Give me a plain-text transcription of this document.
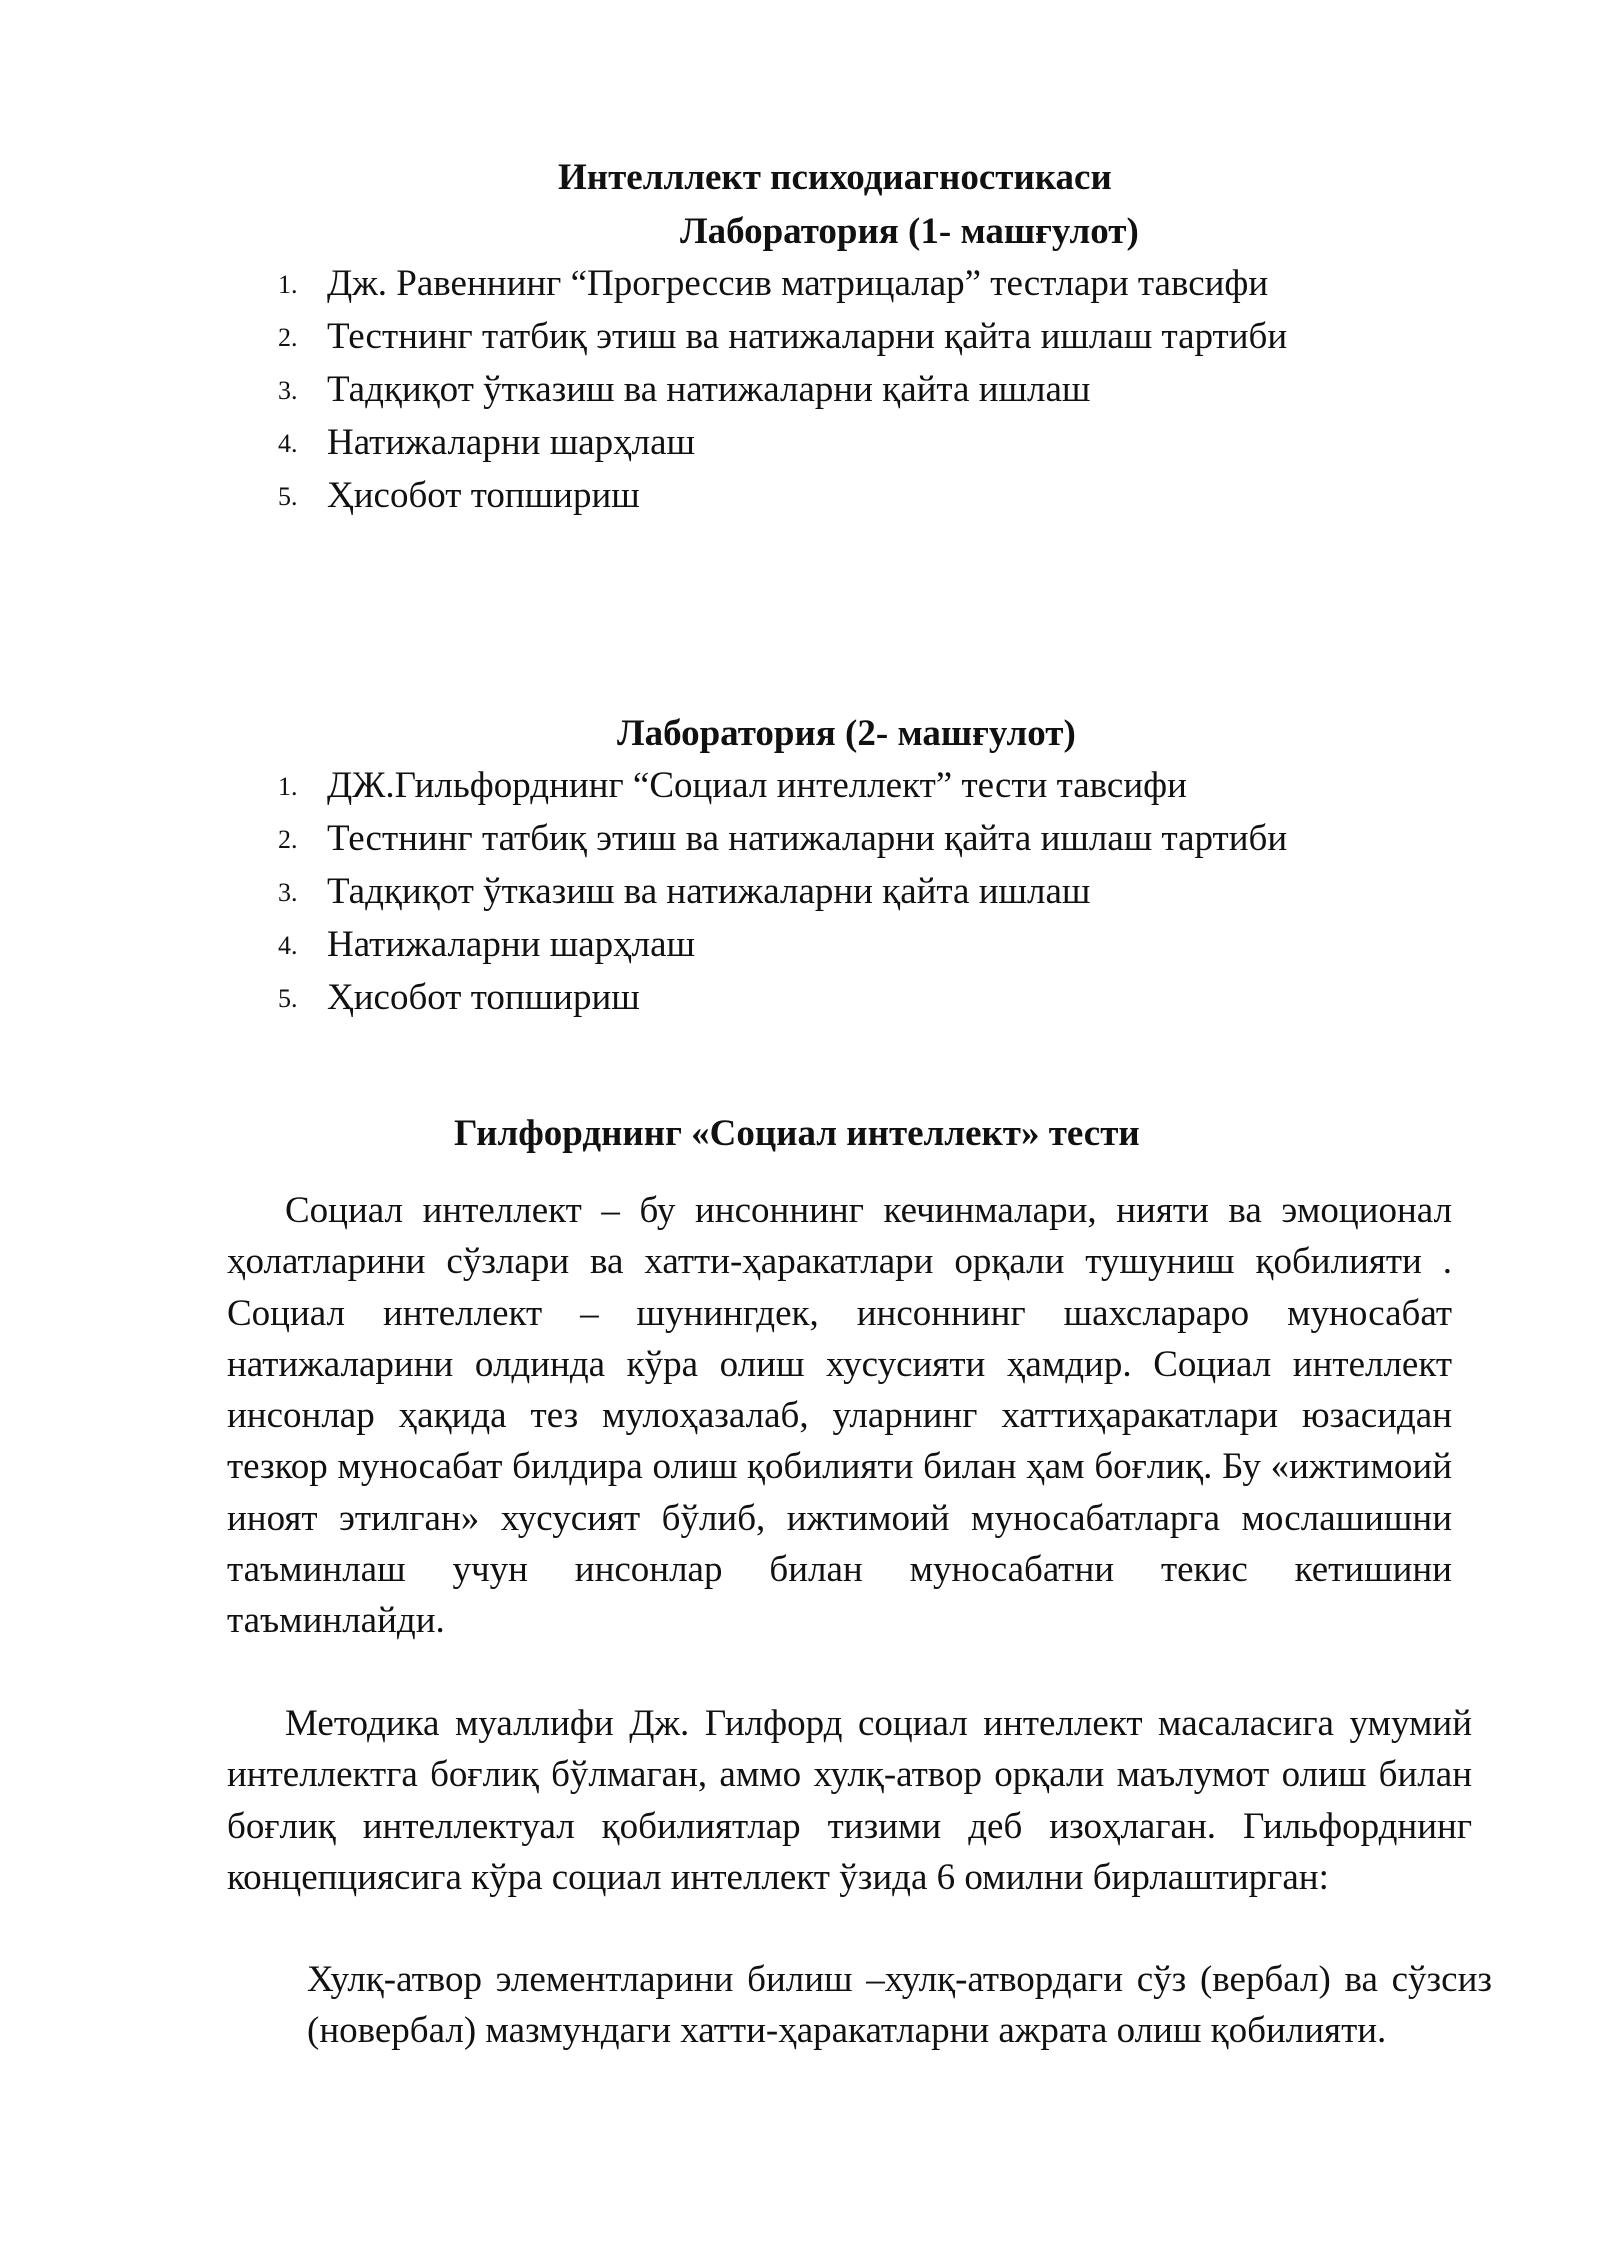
Интелллект психодиагностикаси
Лаборатория (1- машғулот)
1. Дж. Равеннинг “Прогрессив матрицалар” тестлари тавсифи
2. Тестнинг татбиқ этиш ва натижаларни қайта ишлаш тартиби
3. Тадқиқот ўтказиш ва натижаларни қайта ишлаш
4. Натижаларни шарҳлаш
5. Ҳисобот топшириш
Лаборатория (2- машғулот)
1. ДЖ.Гильфорднинг “Социал интеллект” тести тавсифи
2. Тестнинг татбиқ этиш ва натижаларни қайта ишлаш тартиби
3. Тадқиқот ўтказиш ва натижаларни қайта ишлаш
4. Натижаларни шарҳлаш
5. Ҳисобот топшириш
Гилфорднинг «Социал интеллект» тести

Социал интеллект – бу инсоннинг кечинмалари, нияти ва эмоционал ҳолатларини сўзлари ва хатти-ҳаракатлари орқали тушуниш қобилияти . Социал интеллект – шунингдек, инсоннинг шахслараро муносабат натижаларини олдинда кўра олиш хусусияти ҳамдир. Социал интеллект инсонлар ҳақида тез мулоҳазалаб, уларнинг хаттиҳаракатлари юзасидан тезкор муносабат билдира олиш қобилияти билан ҳам боғлиқ. Бу «ижтимоий иноят этилган» хусусият бўлиб, ижтимоий муносабатларга мослашишни таъминлаш учун инсонлар билан муносабатни текис кетишини таъминлайди.

Методика муаллифи Дж. Гилфорд социал интеллект масаласига умумий интеллектга боғлиқ бўлмаган, аммо хулқ-атвор орқали маълумот олиш билан боғлиқ интеллектуал қобилиятлар тизими деб изоҳлаган. Гильфорднинг концепциясига кўра социал интеллект ўзида 6 омилни бирлаштирган:

Хулқ-атвор элементларини билиш –хулқ-атвордаги сўз (вербал) ва сўзсиз (новербал) мазмундаги хатти-ҳаракатларни ажрата олиш қобилияти.
